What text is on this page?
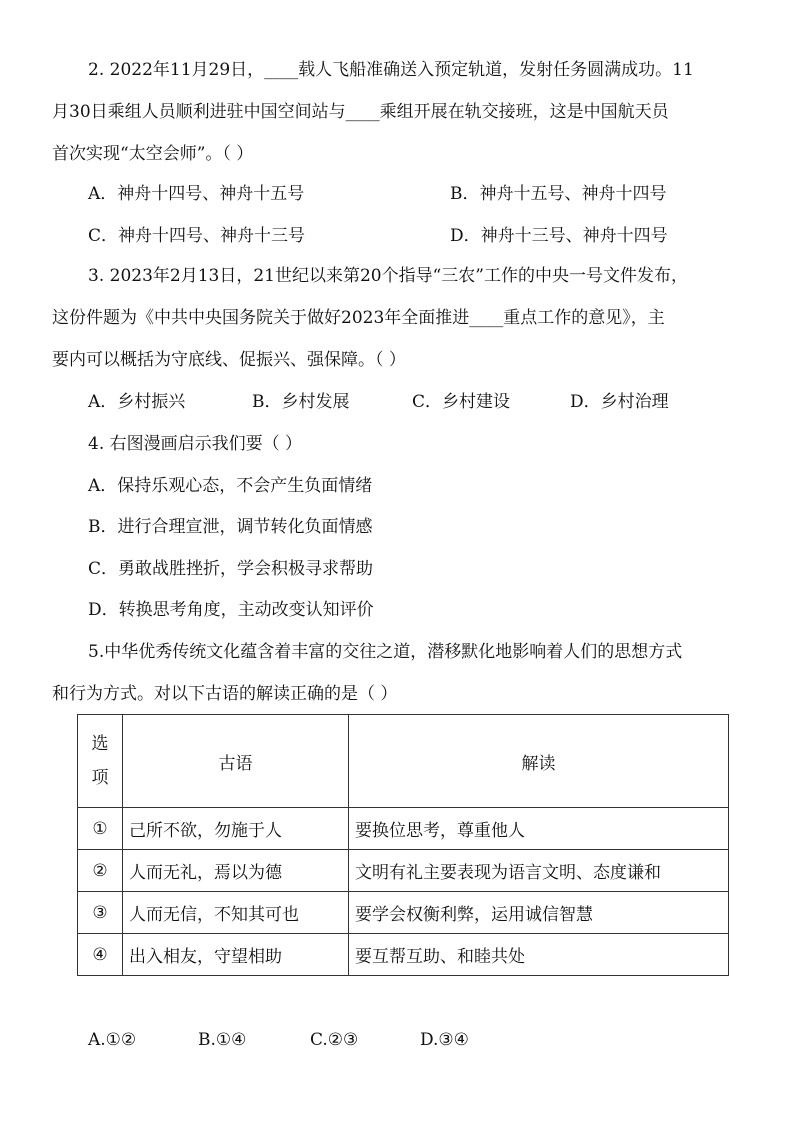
2. 2022年11月29日，____载人飞船准确送入预定轨道，发射任务圆满成功。11
月30日乘组人员顺利进驻中国空间站与____乘组开展在轨交接班，这是中国航天员
首次实现“太空会师”。（ ）
A．神舟十四号、神舟十五号	B．神舟十五号、神舟十四号
C．神舟十四号、神舟十三号	D．神舟十三号、神舟十四号
3. 2023年2月13日，21世纪以来第20个指导“三农”工作的中央一号文件发布，
这份件题为《中共中央国务院关于做好2023年全面推进____重点工作的意见》，主
要内可以概括为守底线、促振兴、强保障。（ ）
A．乡村振兴	B．乡村发展	C．乡村建设	D．乡村治理
4. 右图漫画启示我们要（ ）
A．保持乐观心态，不会产生负面情绪
B．进行合理宣泄，调节转化负面情感
C．勇敢战胜挫折，学会积极寻求帮助
D．转换思考角度，主动改变认知评价
5.中华优秀传统文化蕴含着丰富的交往之道，潜移默化地影响着人们的思想方式
和行为方式。对以下古语的解读正确的是（ ）
选
项	古语	解读
①	己所不欲，勿施于人	要换位思考，尊重他人
②	人而无礼，焉以为德	文明有礼主要表现为语言文明、态度谦和
③	人而无信，不知其可也	要学会权衡利弊，运用诚信智慧
④	出入相友，守望相助	要互帮互助、和睦共处
A.①②	B.①④	C.②③	D.③④
